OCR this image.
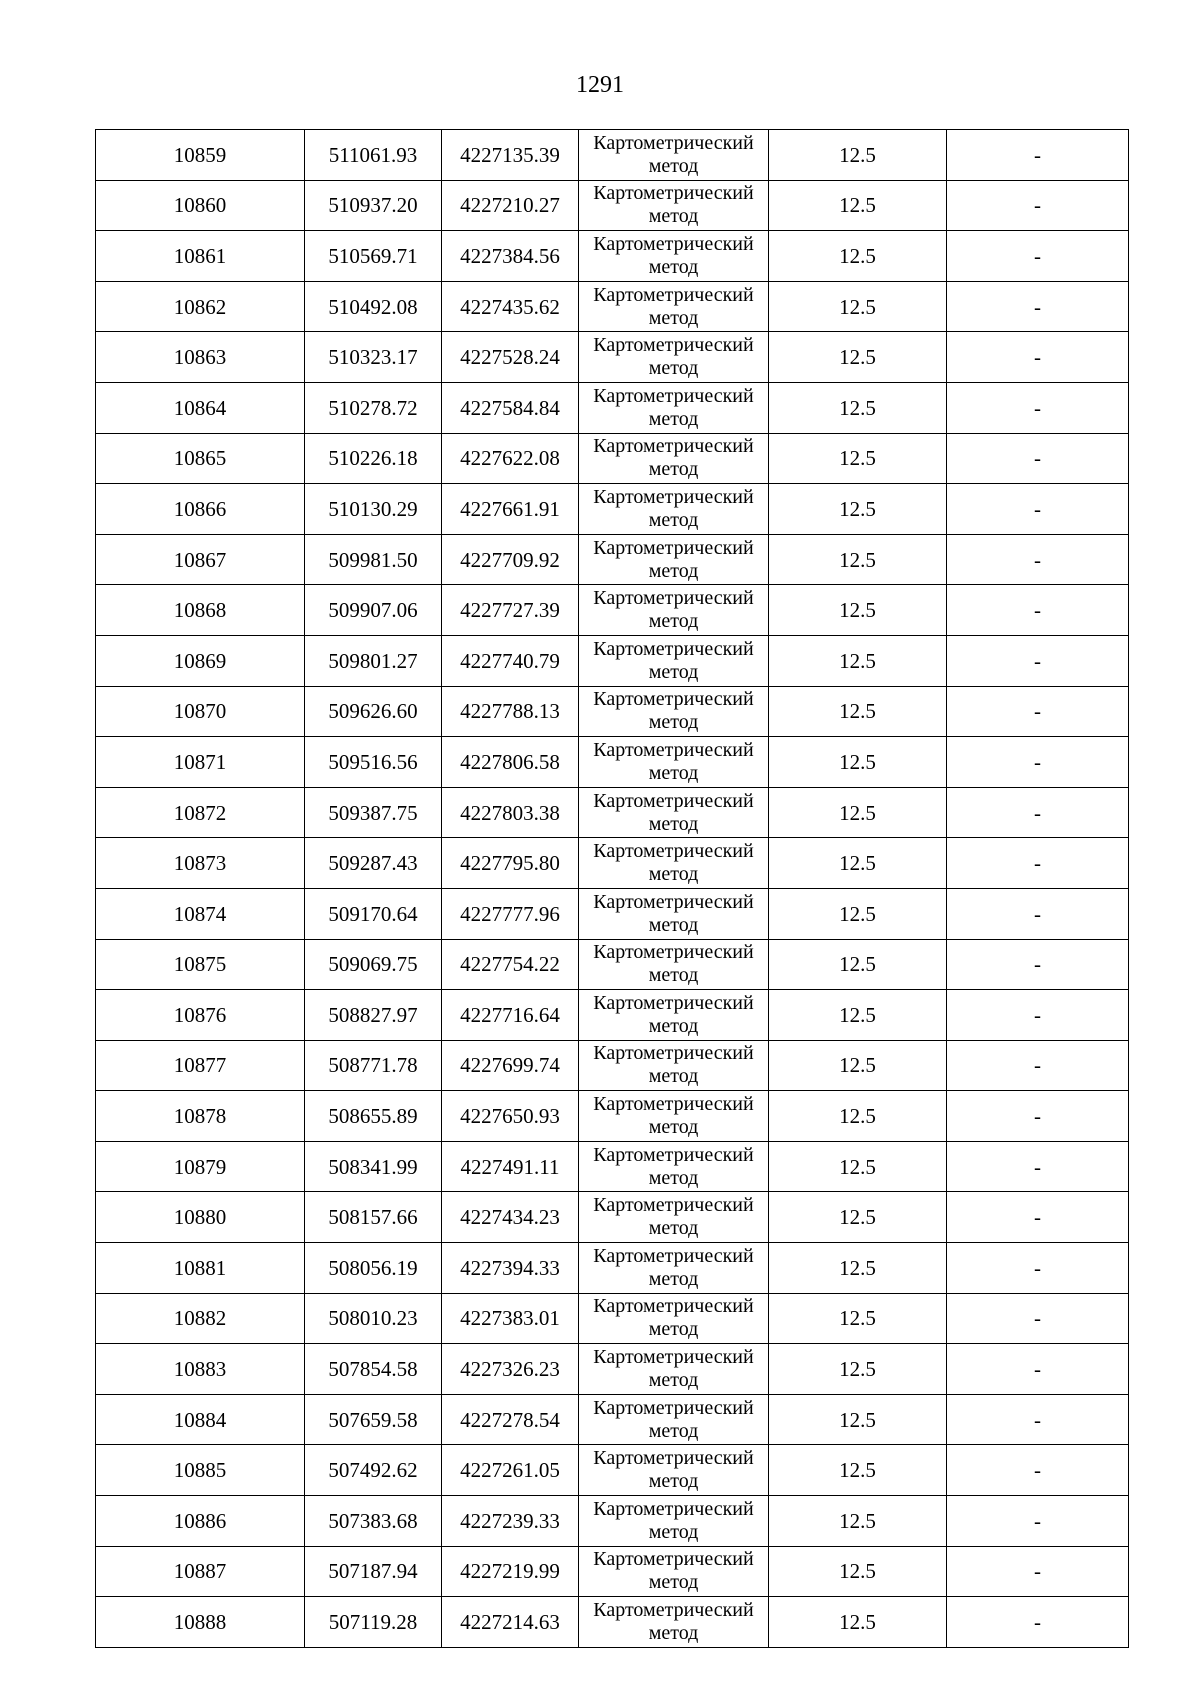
1291
10859	511061.93	4227135.39	Картометрический
метод	12.5	-
10860	510937.20	4227210.27	Картометрический
метод	12.5	-
10861	510569.71	4227384.56	Картометрический
метод	12.5	-
10862	510492.08	4227435.62	Картометрический
метод	12.5	-
10863	510323.17	4227528.24	Картометрический
метод	12.5	-
10864	510278.72	4227584.84	Картометрический
метод	12.5	-
10865	510226.18	4227622.08	Картометрический
метод	12.5	-
10866	510130.29	4227661.91	Картометрический
метод	12.5	-
10867	509981.50	4227709.92	Картометрический
метод	12.5	-
10868	509907.06	4227727.39	Картометрический
метод	12.5	-
10869	509801.27	4227740.79	Картометрический
метод	12.5	-
10870	509626.60	4227788.13	Картометрический
метод	12.5	-
10871	509516.56	4227806.58	Картометрический
метод	12.5	-
10872	509387.75	4227803.38	Картометрический
метод	12.5	-
10873	509287.43	4227795.80	Картометрический
метод	12.5	-
10874	509170.64	4227777.96	Картометрический
метод	12.5	-
10875	509069.75	4227754.22	Картометрический
метод	12.5	-
10876	508827.97	4227716.64	Картометрический
метод	12.5	-
10877	508771.78	4227699.74	Картометрический
метод	12.5	-
10878	508655.89	4227650.93	Картометрический
метод	12.5	-
10879	508341.99	4227491.11	Картометрический
метод	12.5	-
10880	508157.66	4227434.23	Картометрический
метод	12.5	-
10881	508056.19	4227394.33	Картометрический
метод	12.5	-
10882	508010.23	4227383.01	Картометрический
метод	12.5	-
10883	507854.58	4227326.23	Картометрический
метод	12.5	-
10884	507659.58	4227278.54	Картометрический
метод	12.5	-
10885	507492.62	4227261.05	Картометрический
метод	12.5	-
10886	507383.68	4227239.33	Картометрический
метод	12.5	-
10887	507187.94	4227219.99	Картометрический
метод	12.5	-
10888	507119.28	4227214.63	Картометрический
метод	12.5	-
